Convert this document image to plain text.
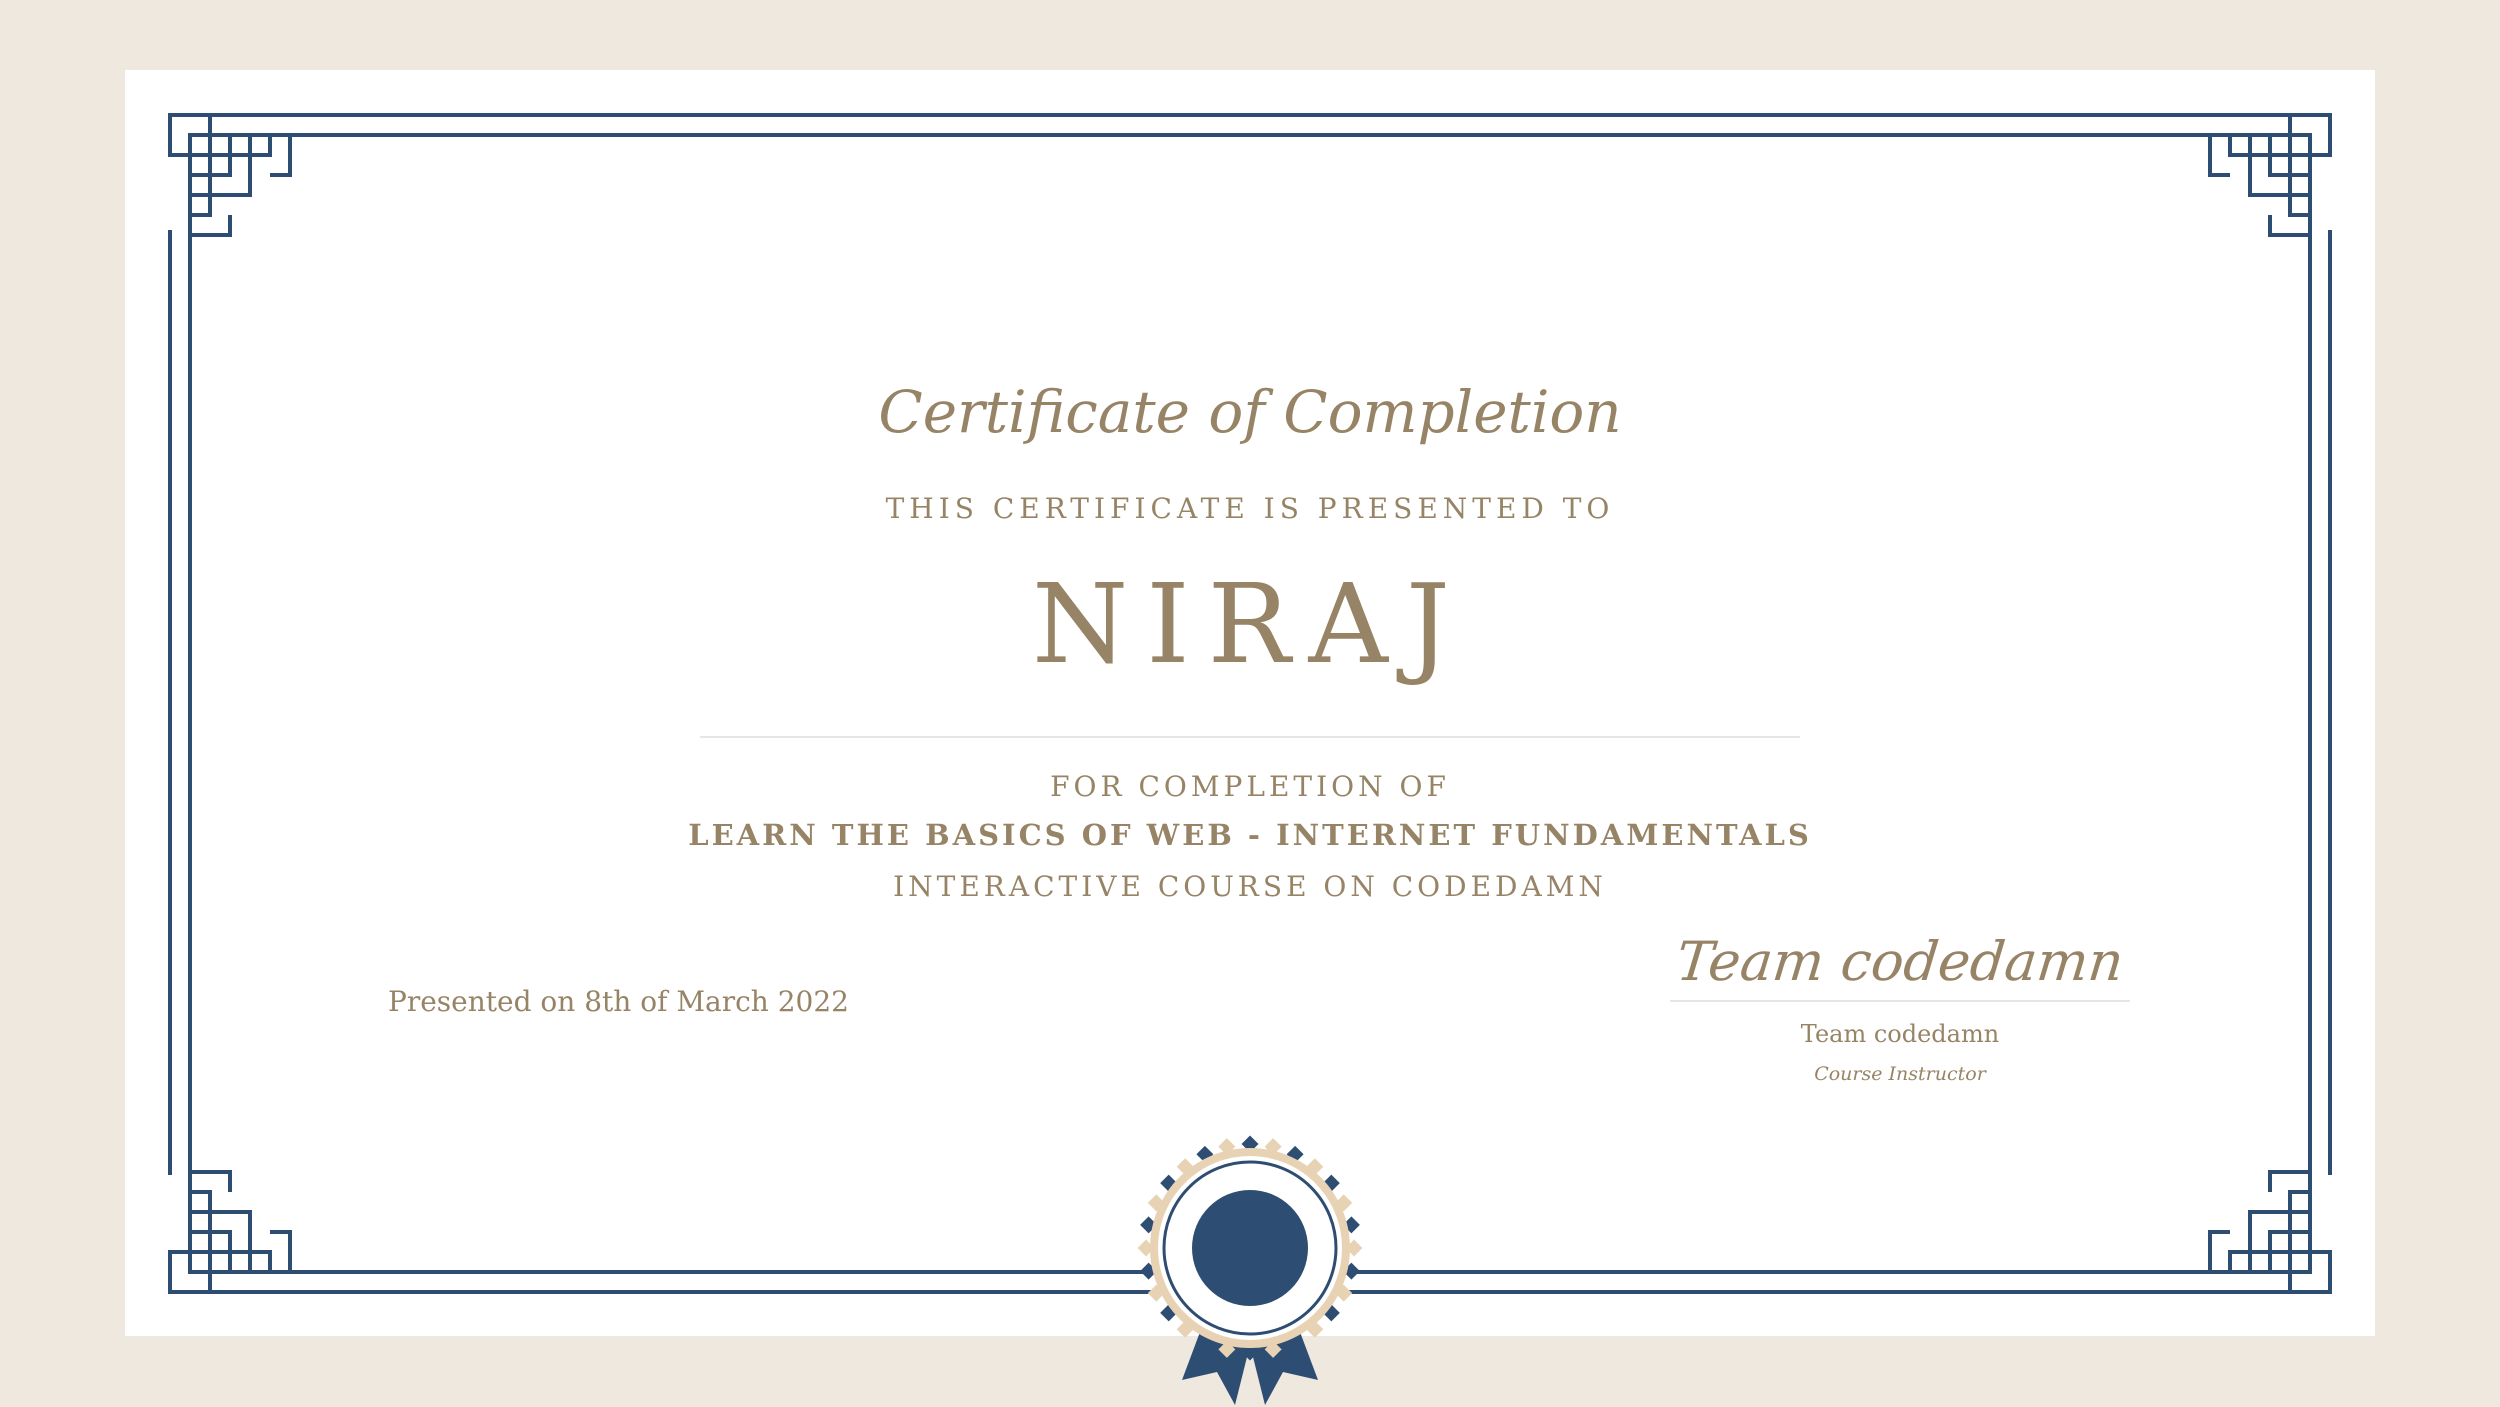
Certificate of Completion
THIS CERTIFICATE IS PRESENTED TO
NIRAJ
FOR COMPLETION OF
LEARN THE BASICS OF WEB - INTERNET FUNDAMENTALS
INTERACTIVE COURSE ON CODEDAMN
Presented on 8th of March 2022
Team codedamn
Team codedamn
Course Instructor
